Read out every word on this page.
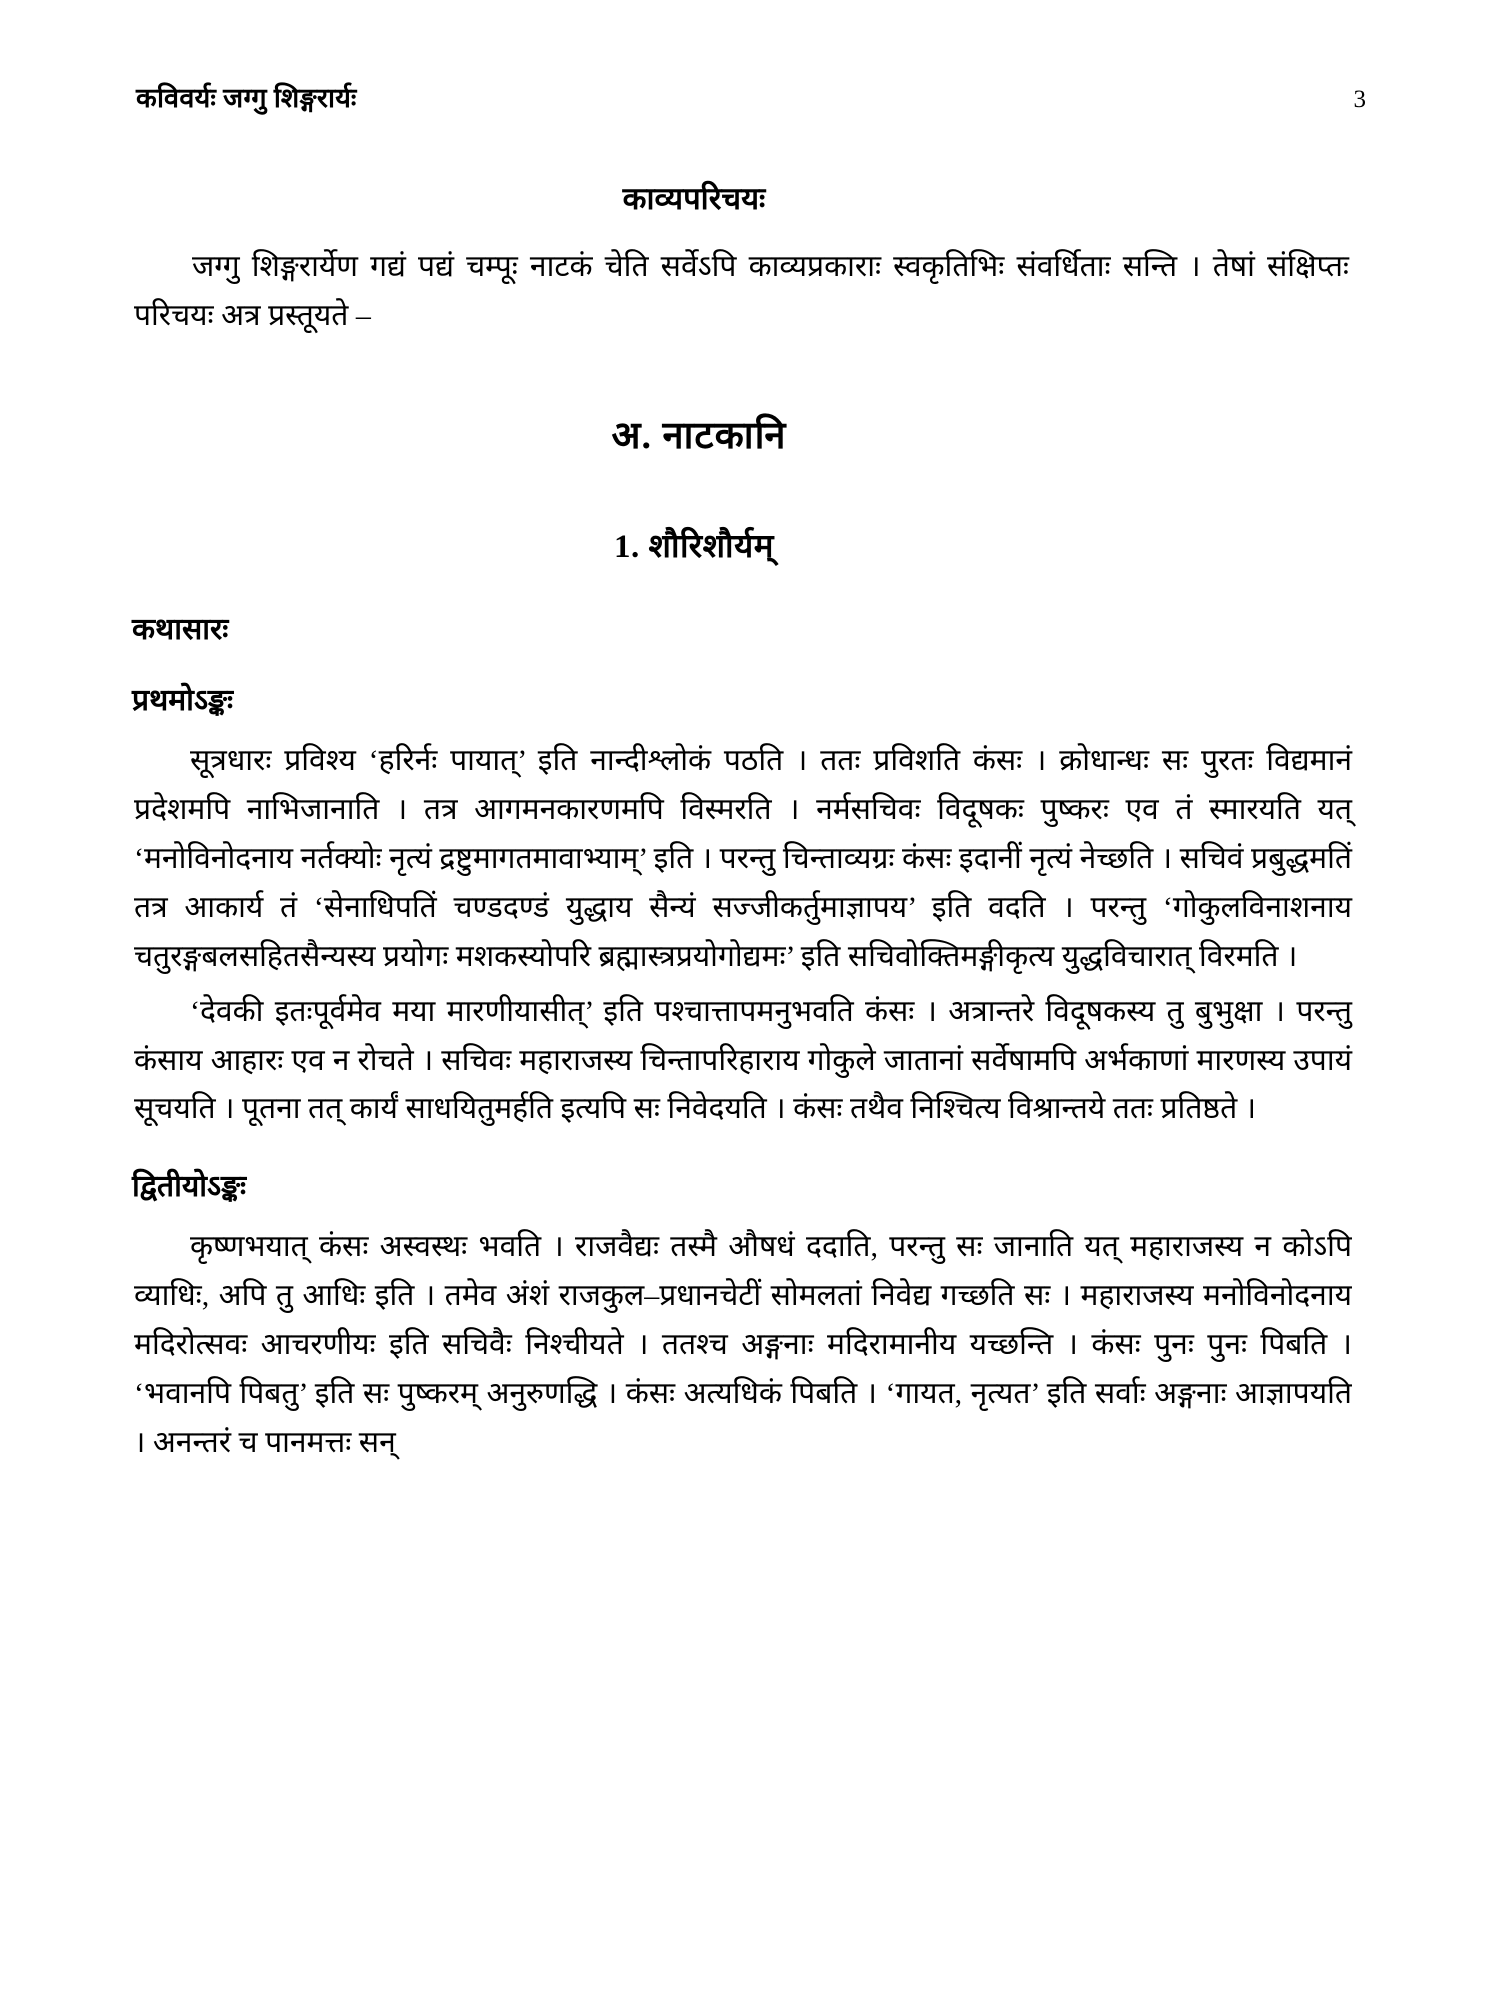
कविवर्यः जग्गु शिङ्गरार्यः	3
काव्यपरिचयः
जग्गु शिङ्गरार्येण गद्यं पद्यं चम्पूः नाटकं चेति सर्वेऽपि काव्यप्रकाराः स्वकृतिभिः संवर्धिताः सन्ति । तेषां संक्षिप्तः परिचयः अत्र प्रस्तूयते –
अ. नाटकानि
1. शौरिशौर्यम्
कथासारः
प्रथमोऽङ्कः
सूत्रधारः प्रविश्य ‘हरिर्नः पायात्’ इति नान्दीश्लोकं पठति । ततः प्रविशति कंसः । क्रोधान्धः सः पुरतः विद्यमानं प्रदेशमपि नाभिजानाति । तत्र आगमनकारणमपि विस्मरति । नर्मसचिवः विदूषकः पुष्करः एव तं स्मारयति यत् ‘मनोविनोदनाय नर्तक्योः नृत्यं द्रष्टुमागतमावाभ्याम्’ इति । परन्तु चिन्ताव्यग्रः कंसः इदानीं नृत्यं नेच्छति । सचिवं प्रबुद्धमतिं तत्र आकार्य तं ‘सेनाधिपतिं चण्डदण्डं युद्धाय सैन्यं सज्जीकर्तुमाज्ञापय’ इति वदति । परन्तु ‘गोकुलविनाशनाय चतुरङ्गबलसहितसैन्यस्य प्रयोगः मशकस्योपरि ब्रह्मास्त्रप्रयोगोद्यमः’ इति सचिवोक्तिमङ्गीकृत्य युद्धविचारात् विरमति ।
‘देवकी इतःपूर्वमेव मया मारणीयासीत्’ इति पश्चात्तापमनुभवति कंसः । अत्रान्तरे विदूषकस्य तु बुभुक्षा । परन्तु कंसाय आहारः एव न रोचते । सचिवः महाराजस्य चिन्तापरिहाराय गोकुले जातानां सर्वेषामपि अर्भकाणां मारणस्य उपायं सूचयति । पूतना तत् कार्यं साधयितुमर्हति इत्यपि सः निवेदयति । कंसः तथैव निश्चित्य विश्रान्तये ततः प्रतिष्ठते ।
द्वितीयोऽङ्कः
कृष्णभयात् कंसः अस्वस्थः भवति । राजवैद्यः तस्मै औषधं ददाति, परन्तु सः जानाति यत् महाराजस्य न कोऽपि व्याधिः, अपि तु आधिः इति । तमेव अंशं राजकुल–प्रधानचेटीं सोमलतां निवेद्य गच्छति सः । महाराजस्य मनोविनोदनाय मदिरोत्सवः आचरणीयः इति सचिवैः निश्चीयते । ततश्च अङ्गनाः मदिरामानीय यच्छन्ति । कंसः पुनः पुनः पिबति । ‘भवानपि पिबतु’ इति सः पुष्करम् अनुरुणद्धि । कंसः अत्यधिकं पिबति । ‘गायत, नृत्यत’ इति सर्वाः अङ्गनाः आज्ञापयति । अनन्तरं च पानमत्तः सन्
